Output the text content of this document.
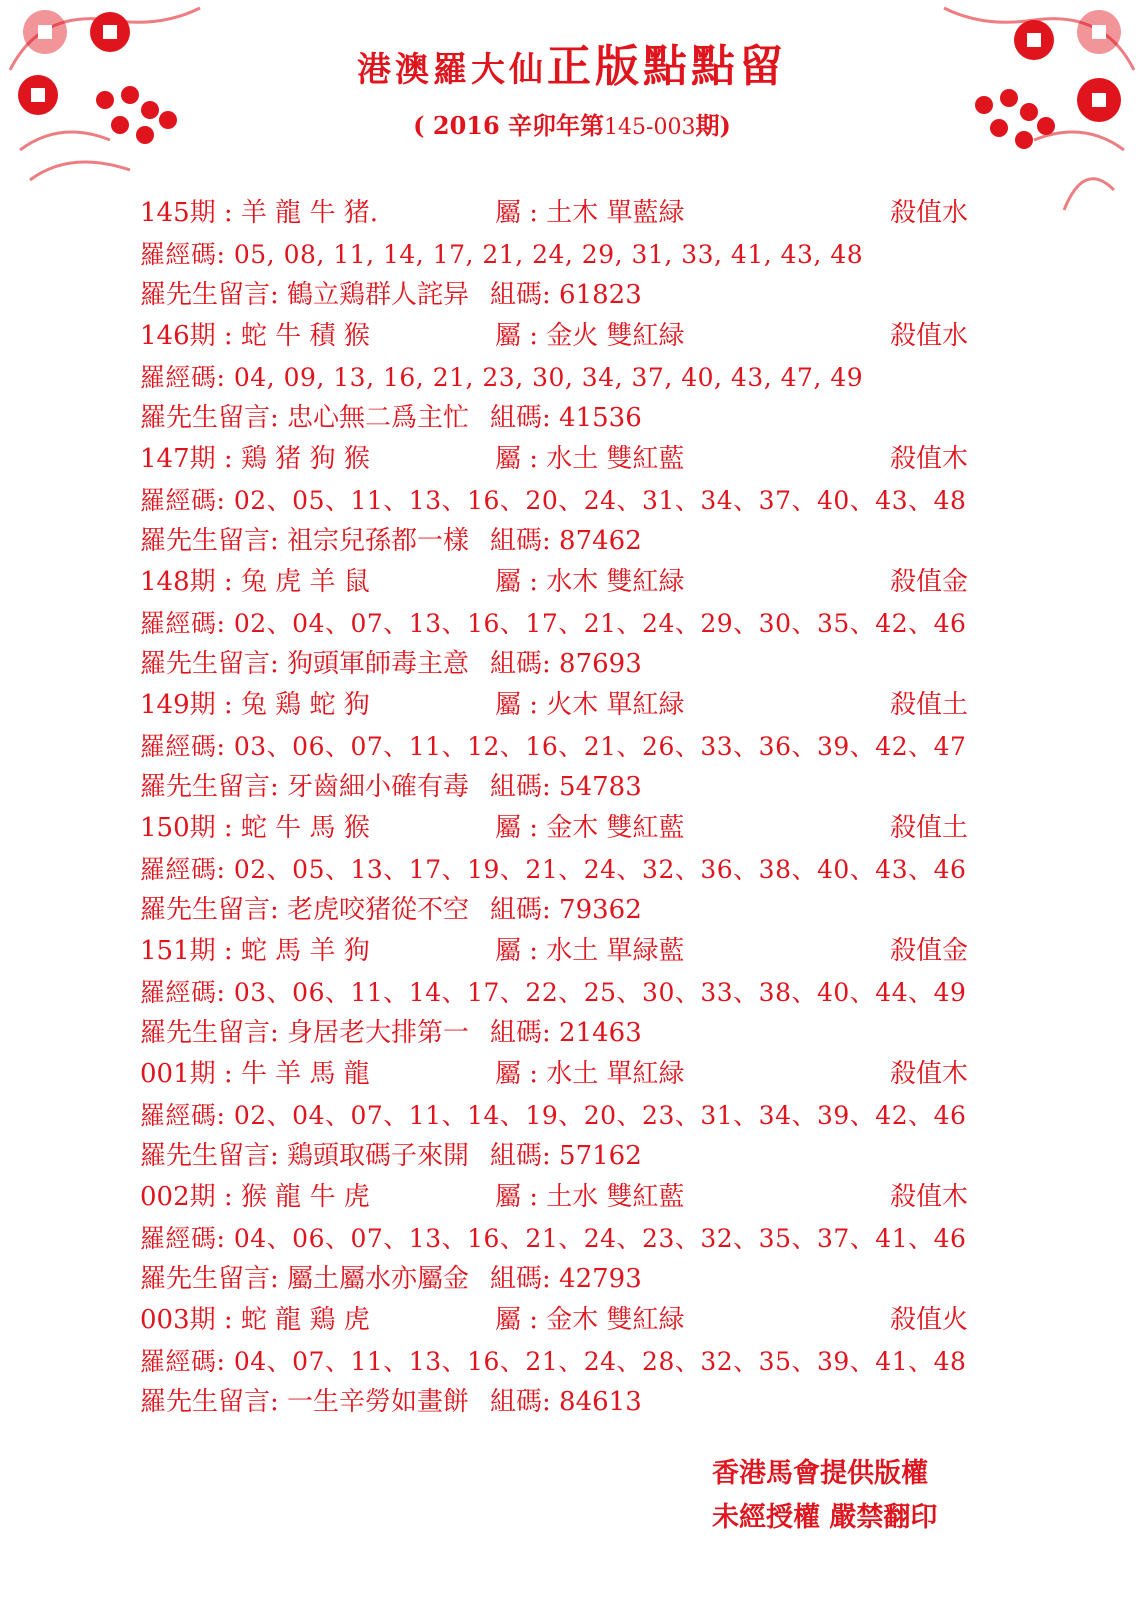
港澳羅大仙正版點點留
( 2016 辛卯年第145-003期)
145期 : 羊 龍 牛 猪.	屬 : 土木 單藍緑	殺值水
羅經碼: 05, 08, 11, 14, 17, 21, 24, 29, 31, 33, 41, 43, 48
羅先生留言: 鶴立鶏群人詫异 組碼: 61823
146期 : 蛇 牛 積 猴	屬 : 金火 雙紅緑	殺值水
羅經碼: 04, 09, 13, 16, 21, 23, 30, 34, 37, 40, 43, 47, 49
羅先生留言: 忠心無二爲主忙 組碼: 41536
147期 : 鶏 猪 狗 猴	屬 : 水土 雙紅藍	殺值木
羅經碼: 02、05、11、13、16、20、24、31、34、37、40、43、48
羅先生留言: 祖宗兒孫都一樣 組碼: 87462
148期 : 兔 虎 羊 鼠	屬 : 水木 雙紅緑	殺值金
羅經碼: 02、04、07、13、16、17、21、24、29、30、35、42、46
羅先生留言: 狗頭軍師毒主意 組碼: 87693
149期 : 兔 鶏 蛇 狗	屬 : 火木 單紅緑	殺值土
羅經碼: 03、06、07、11、12、16、21、26、33、36、39、42、47
羅先生留言: 牙齒細小確有毒 組碼: 54783
150期 : 蛇 牛 馬 猴	屬 : 金木 雙紅藍	殺值土
羅經碼: 02、05、13、17、19、21、24、32、36、38、40、43、46
羅先生留言: 老虎咬猪從不空 組碼: 79362
151期 : 蛇 馬 羊 狗	屬 : 水土 單緑藍	殺值金
羅經碼: 03、06、11、14、17、22、25、30、33、38、40、44、49
羅先生留言: 身居老大排第一 組碼: 21463
001期 : 牛 羊 馬 龍	屬 : 水土 單紅緑	殺值木
羅經碼: 02、04、07、11、14、19、20、23、31、34、39、42、46
羅先生留言: 鶏頭取碼子來開 組碼: 57162
002期 : 猴 龍 牛 虎	屬 : 土水 雙紅藍	殺值木
羅經碼: 04、06、07、13、16、21、24、23、32、35、37、41、46
羅先生留言: 屬土屬水亦屬金 組碼: 42793
003期 : 蛇 龍 鶏 虎	屬 : 金木 雙紅緑	殺值火
羅經碼: 04、07、11、13、16、21、24、28、32、35、39、41、48
羅先生留言: 一生辛勞如畫餅 組碼: 84613
香港馬會提供版權
未經授權 嚴禁翻印
